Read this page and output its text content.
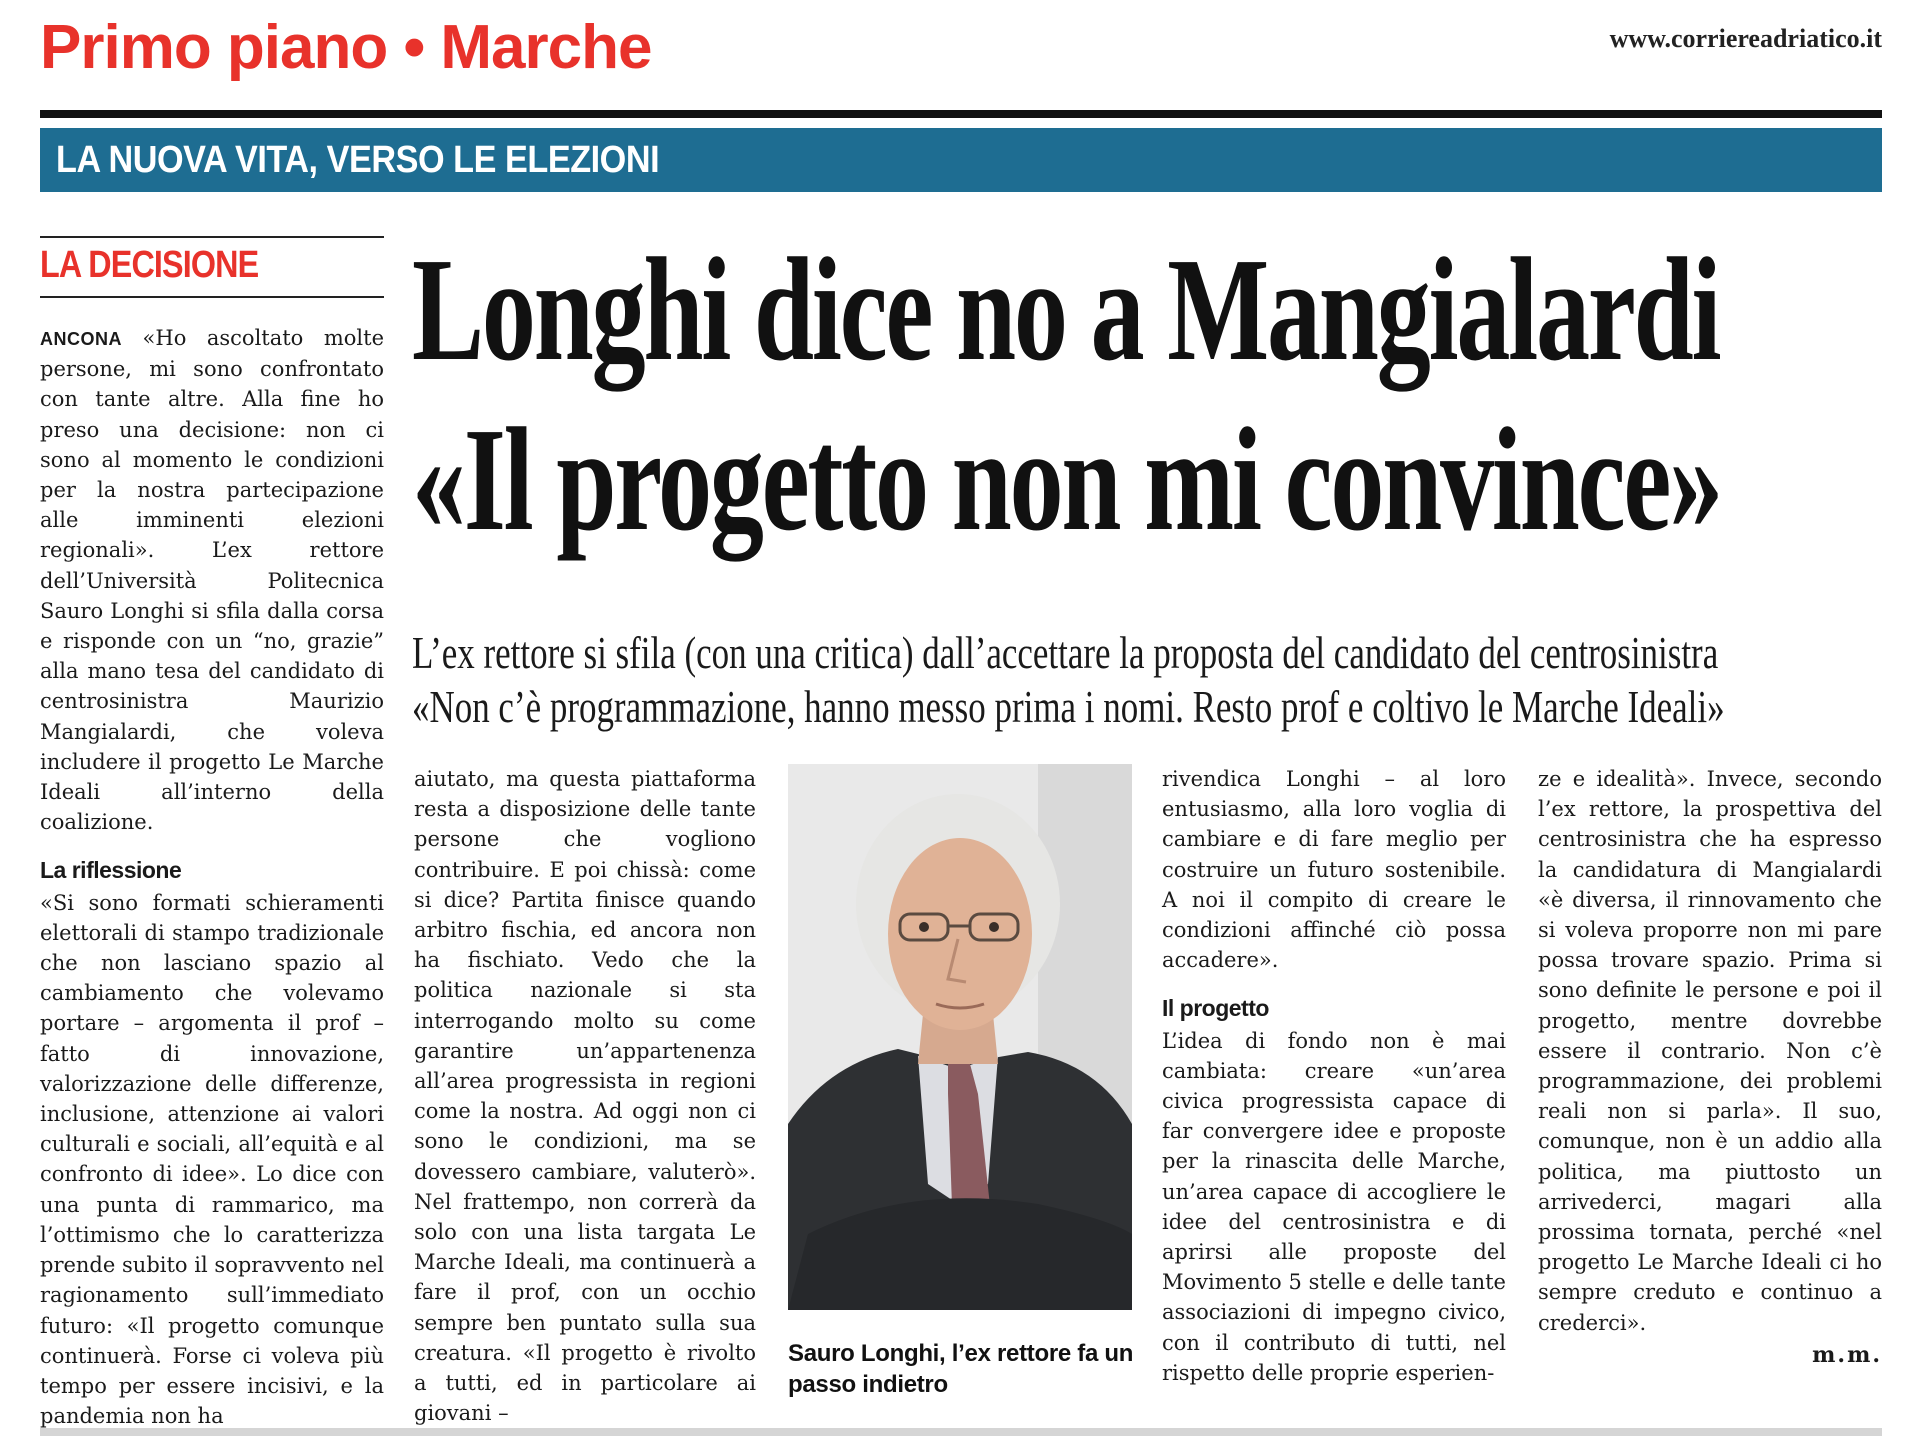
Primo piano • Marche	www.corriereadriatico.it
LA NUOVA VITA, VERSO LE ELEZIONI
LA DECISIONE Longhi dice no a Mangialardi
«Il progetto non mi convince»
L’ex rettore si sfila (con una critica) dall’accettare la proposta del candidato del centrosinistra
«Non c’è programmazione, hanno messo prima i nomi. Resto prof e coltivo le Marche Ideali»

ANCONA «Ho ascoltato molte persone, mi sono confrontato con tante altre. Alla fine ho preso una decisione: non ci sono al momento le condizioni per la nostra partecipazione alle imminenti elezioni regionali». L’ex rettore dell’Università Politecnica Sauro Longhi si sfila dalla corsa e risponde con un “no, grazie” alla mano tesa del candidato di centrosinistra Maurizio Mangialardi, che voleva includere il progetto Le Marche Ideali all’interno della coalizione.

La riflessione

«Si sono formati schieramenti elettorali di stampo tradizionale che non lasciano spazio al cambiamento che volevamo portare – argomenta il prof – fatto di innovazione, valorizzazione delle differenze, inclusione, attenzione ai valori culturali e sociali, all’equità e al confronto di idee». Lo dice con una punta di rammarico, ma l’ottimismo che lo caratterizza prende subito il sopravvento nel ragionamento sull’immediato futuro: «Il progetto comunque continuerà. Forse ci voleva più tempo per essere incisivi, e la pandemia non ha

aiutato, ma questa piattaforma resta a disposizione delle tante persone che vogliono contribuire. E poi chissà: come si dice? Partita finisce quando arbitro fischia, ed ancora non ha fischiato. Vedo che la politica nazionale si sta interrogando molto su come garantire un’appartenenza all’area progressista in regioni come la nostra. Ad oggi non ci sono le condizioni, ma se dovessero cambiare, valuterò». Nel frattempo, non correrà da solo con una lista targata Le Marche Ideali, ma continuerà a fare il prof, con un occhio sempre ben puntato sulla sua creatura. «Il progetto è rivolto a tutti, ed in particolare ai giovani –

Sauro Longhi, l’ex rettore fa un passo indietro

rivendica Longhi – al loro entusiasmo, alla loro voglia di cambiare e di fare meglio per costruire un futuro sostenibile. A noi il compito di creare le condizioni affinché ciò possa accadere».

Il progetto

L’idea di fondo non è mai cambiata: creare «un’area civica progressista capace di far convergere idee e proposte per la rinascita delle Marche, un’area capace di accogliere le idee del centrosinistra e di aprirsi alle proposte del Movimento 5 stelle e delle tante associazioni di impegno civico, con il contributo di tutti, nel rispetto delle proprie esperien-

ze e idealità». Invece, secondo l’ex rettore, la prospettiva del centrosinistra che ha espresso la candidatura di Mangialardi «è diversa, il rinnovamento che si voleva proporre non mi pare possa trovare spazio. Prima si sono definite le persone e poi il progetto, mentre dovrebbe essere il contrario. Non c’è programmazione, dei problemi reali non si parla». Il suo, comunque, non è un addio alla politica, ma piuttosto un arrivederci, magari alla prossima tornata, perché «nel progetto Le Marche Ideali ci ho sempre creduto e continuo a crederci».

m.m.
